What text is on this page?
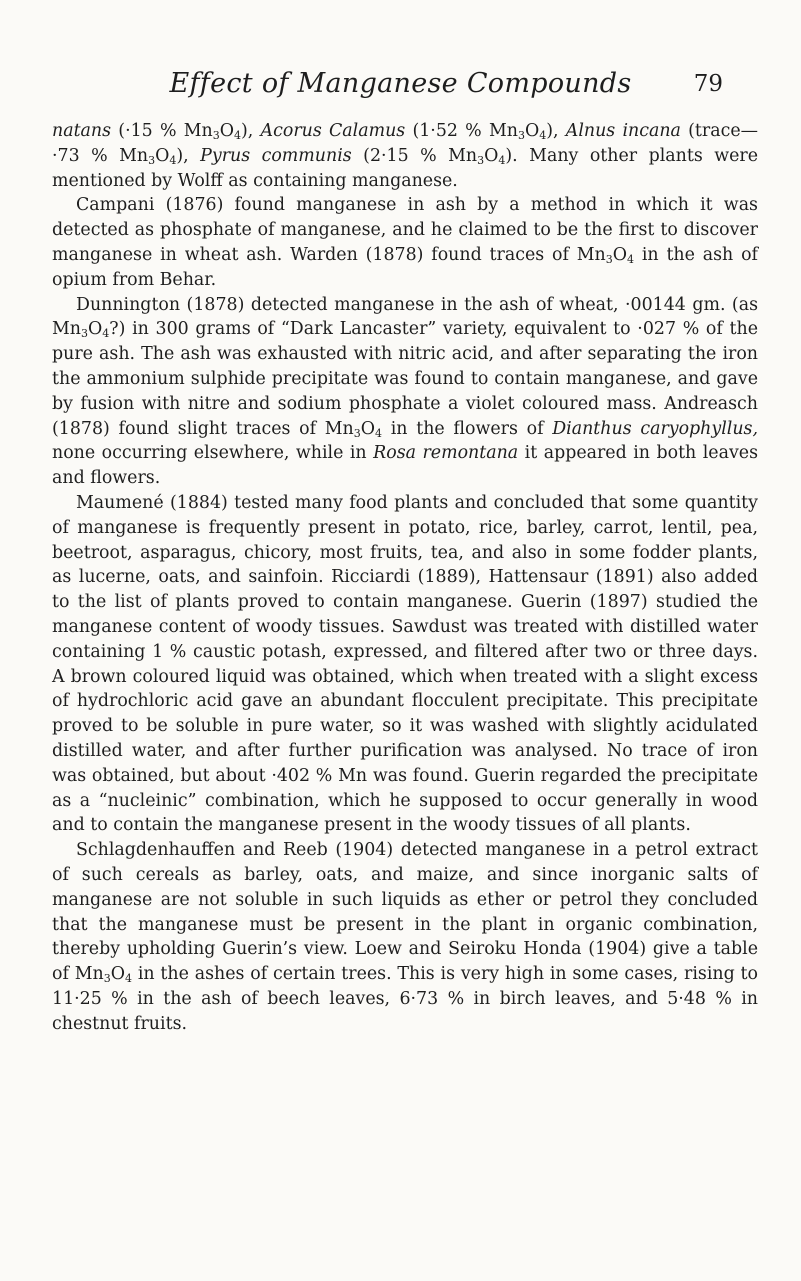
Effect of Manganese Compounds	79

natans (·15 % $Mn_3O_4$), Acorus Calamus (1·52 % $Mn_3O_4$), Alnus incana (trace—·73 % $Mn_3O_4$), Pyrus communis (2·15 % $Mn_3O_4$). Many other plants were mentioned by Wolff as containing manganese.

Campani (1876) found manganese in ash by a method in which it was detected as phosphate of manganese, and he claimed to be the first to discover manganese in wheat ash. Warden (1878) found traces of $Mn_3O_4$ in the ash of opium from Behar.

Dunnington (1878) detected manganese in the ash of wheat, ·00144 gm. (as $Mn_3O_4$?) in 300 grams of “Dark Lancaster” variety, equivalent to ·027 % of the pure ash. The ash was exhausted with nitric acid, and after separating the iron the ammonium sulphide precipitate was found to contain manganese, and gave by fusion with nitre and sodium phosphate a violet coloured mass. Andreasch (1878) found slight traces of $Mn_3O_4$ in the flowers of Dianthus caryophyllus, none occurring elsewhere, while in Rosa remontana it appeared in both leaves and flowers.

Maumené (1884) tested many food plants and concluded that some quantity of manganese is frequently present in potato, rice, barley, carrot, lentil, pea, beetroot, asparagus, chicory, most fruits, tea, and also in some fodder plants, as lucerne, oats, and sainfoin. Ricciardi (1889), Hattensaur (1891) also added to the list of plants proved to contain manganese. Guerin (1897) studied the manganese content of woody tissues. Sawdust was treated with distilled water containing 1 % caustic potash, expressed, and filtered after two or three days. A brown coloured liquid was obtained, which when treated with a slight excess of hydrochloric acid gave an abundant flocculent precipitate. This precipitate proved to be soluble in pure water, so it was washed with slightly acidulated distilled water, and after further purification was analysed. No trace of iron was obtained, but about ·402 % Mn was found. Guerin regarded the precipitate as a “nucleinic” combination, which he supposed to occur generally in wood and to contain the manganese present in the woody tissues of all plants.

Schlagdenhauffen and Reeb (1904) detected manganese in a petrol extract of such cereals as barley, oats, and maize, and since inorganic salts of manganese are not soluble in such liquids as ether or petrol they concluded that the manganese must be present in the plant in organic combination, thereby upholding Guerin’s view. Loew and Seiroku Honda (1904) give a table of $Mn_3O_4$ in the ashes of certain trees. This is very high in some cases, rising to 11·25 % in the ash of beech leaves, 6·73 % in birch leaves, and 5·48 % in chestnut fruits.
